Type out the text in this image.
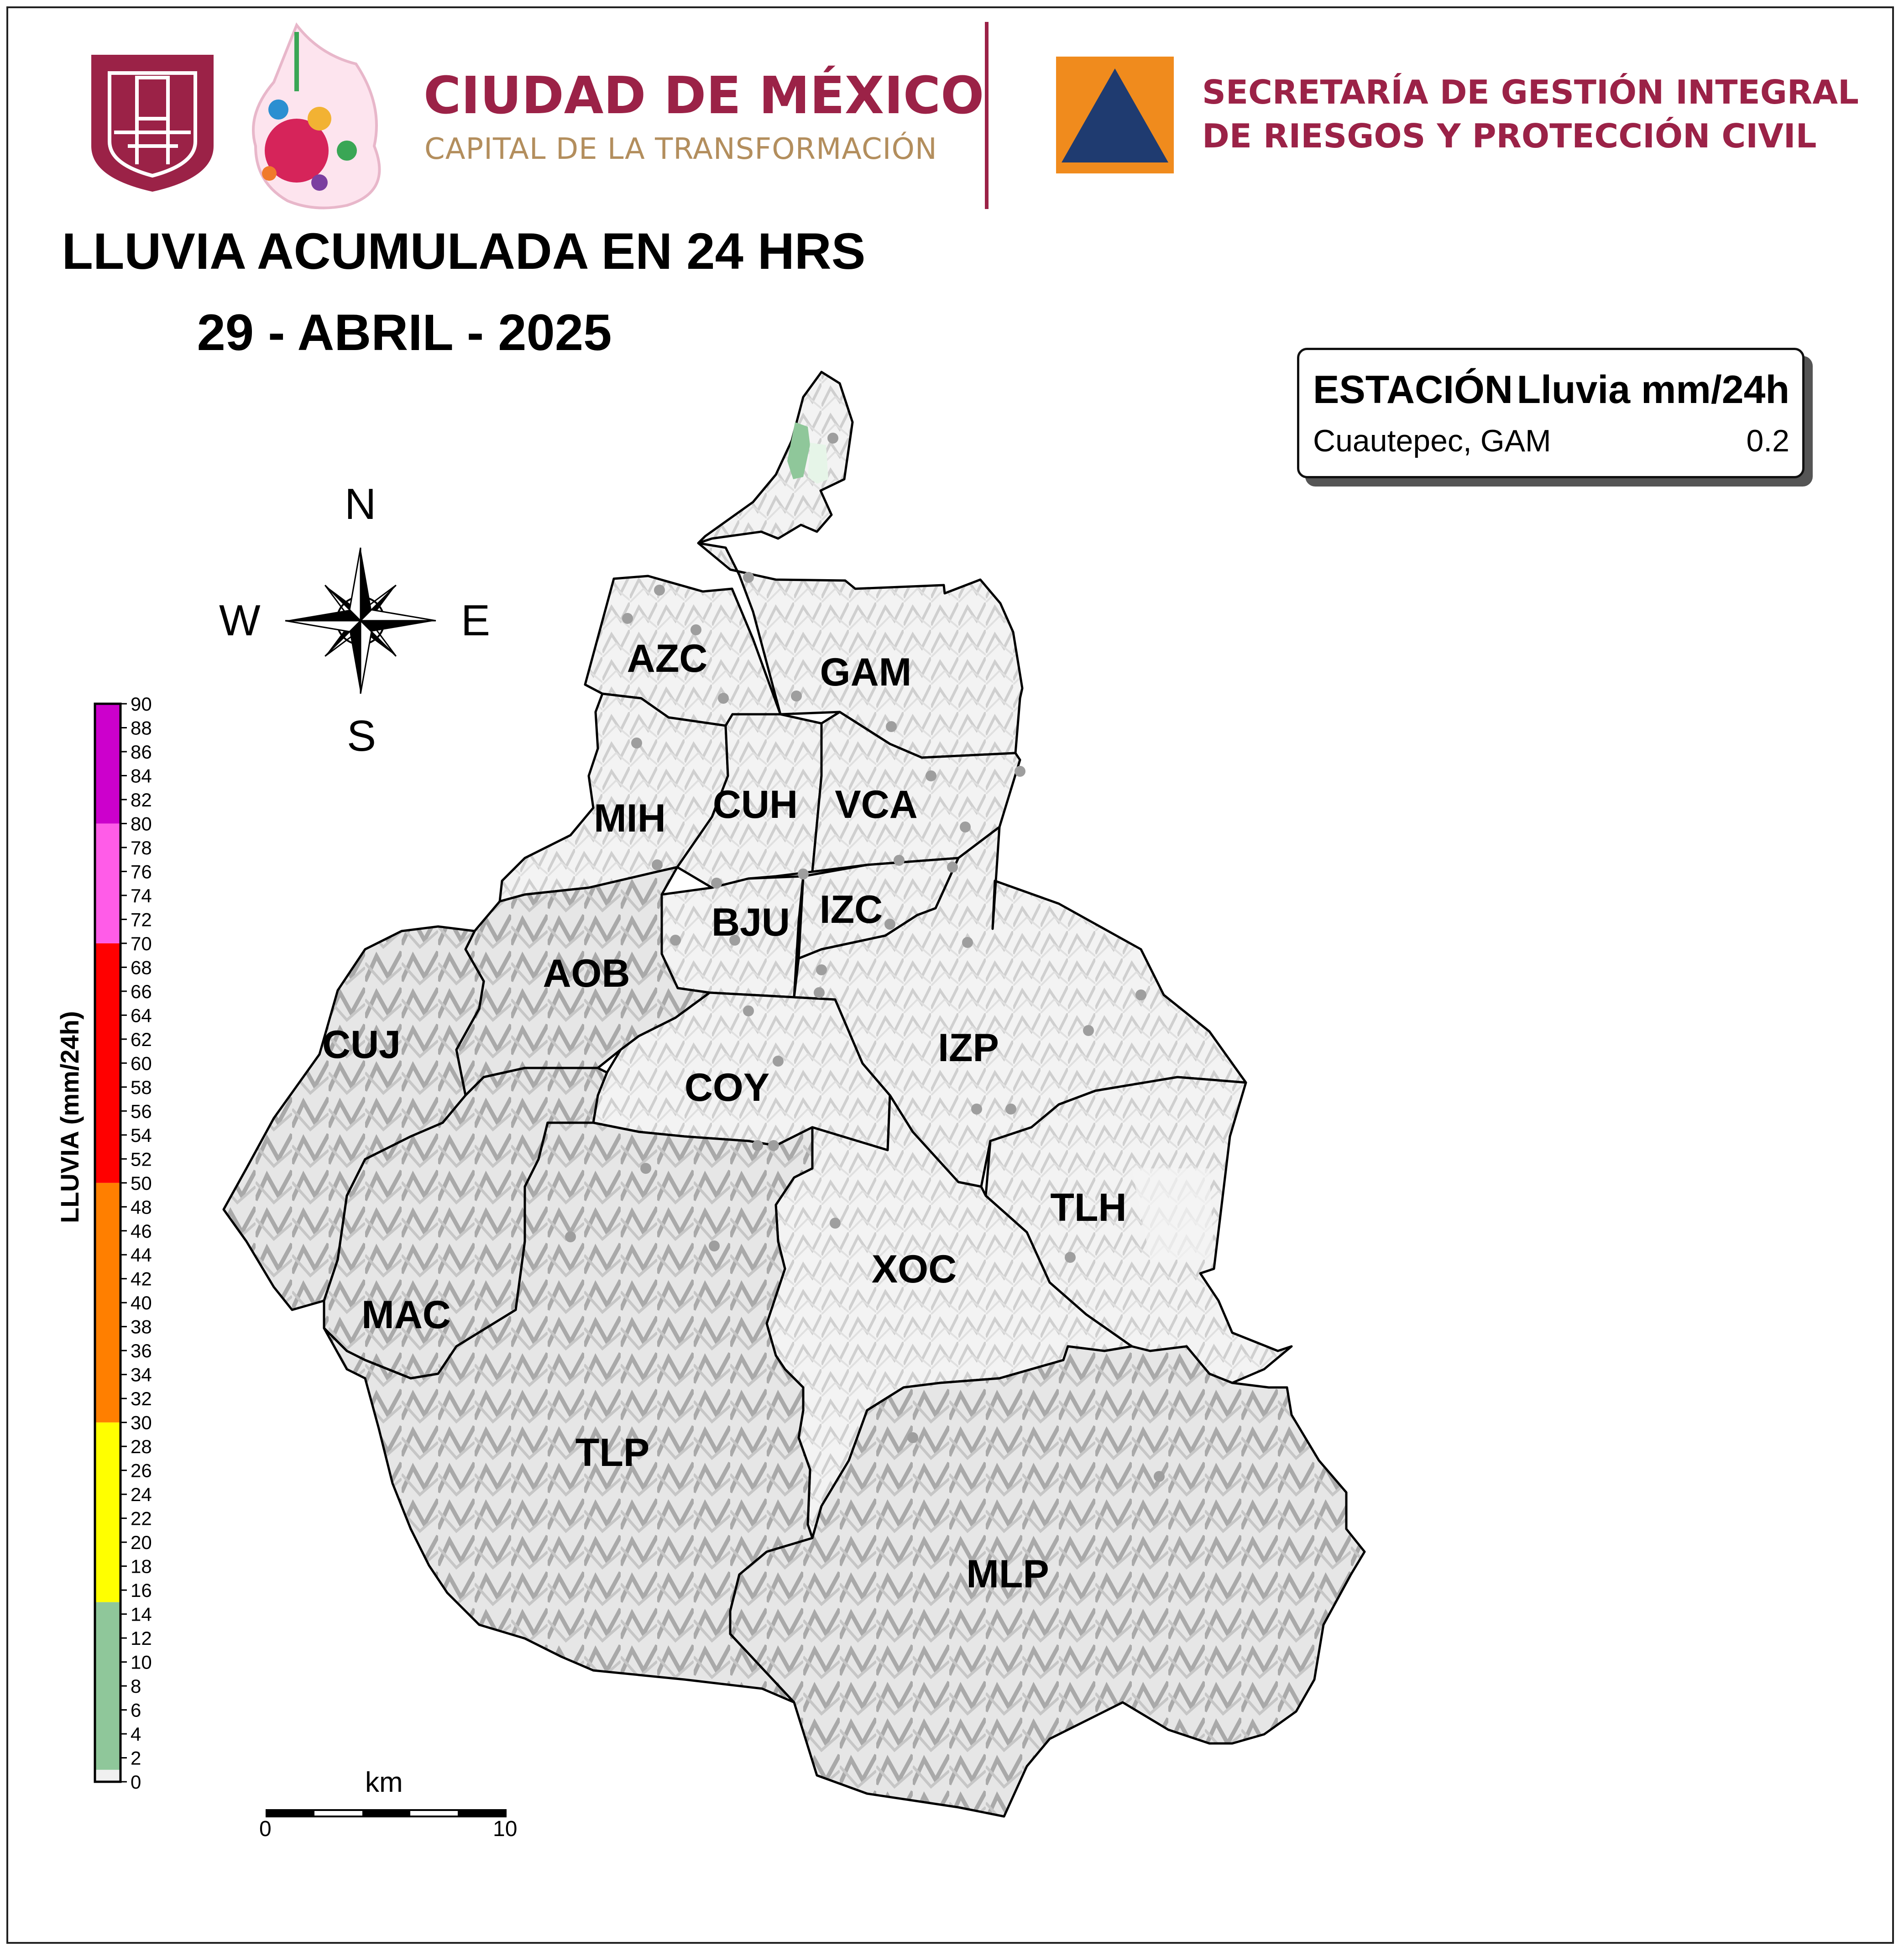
0
2
4
6
8
10
12
14
16
18
20
22
24
26
28
30
32
34
36
38
40
42
44
46
48
50
52
54
56
58
60
62
64
66
68
70
72
74
76
78
80
82
84
86
88
90
AZC	GAM
MIH CUH VCA
BJU IZC
AOB
CUJ
COY
IZP
TLH
XOC
MAC
TLP
MLP
CIUDAD DE MÉXICO
CAPITAL DE LA TRANSFORMACIÓN
SECRETARÍA DE GESTIÓN INTEGRAL
DE RIESGOS Y PROTECCIÓN CIVIL
LLUVIA ACUMULADA EN 24 HRS
29 - ABRIL - 2025
ESTACIÓN Lluvia mm/24h
Cuautepec, GAM	0.2
N
S
E
W
LLUVIA (mm/24h)
km
0	10
